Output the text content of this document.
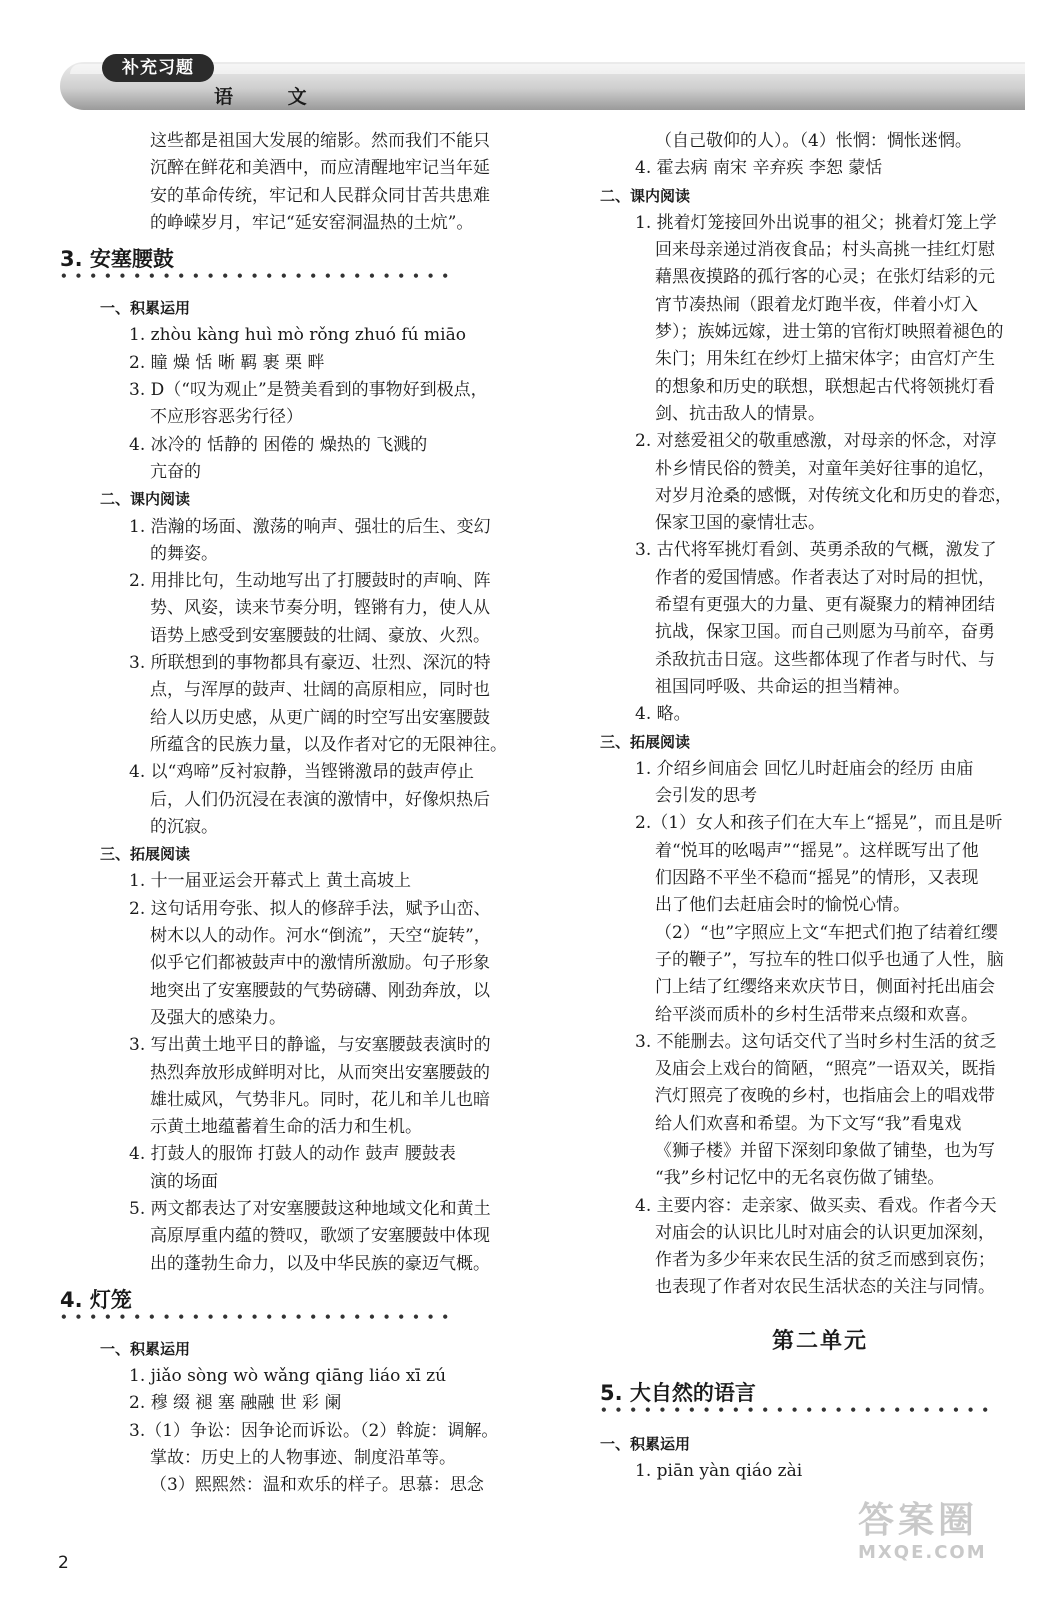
补充习题
语 文

这些都是祖国大发展的缩影。然而我们不能只

沉醉在鲜花和美酒中，而应清醒地牢记当年延

安的革命传统，牢记和人民群众同甘苦共患难

的峥嵘岁月，牢记“延安窑洞温热的土炕”。

3. 安塞腰鼓

•••••••••••••••••••••••••••

一、积累运用

1. zhòu kàng huì mò rǒng zhuó fú miāo

2. 瞳 燥 恬 晰 羁 裹 栗 畔

3. D（“叹为观止”是赞美看到的事物好到极点，

不应形容恶劣行径）

4. 冰冷的 恬静的 困倦的 燥热的 飞溅的

亢奋的

二、课内阅读

1. 浩瀚的场面、激荡的响声、强壮的后生、变幻

的舞姿。

2. 用排比句，生动地写出了打腰鼓时的声响、阵

势、风姿，读来节奏分明，铿锵有力，使人从

语势上感受到安塞腰鼓的壮阔、豪放、火烈。

3. 所联想到的事物都具有豪迈、壮烈、深沉的特

点，与浑厚的鼓声、壮阔的高原相应，同时也

给人以历史感，从更广阔的时空写出安塞腰鼓

所蕴含的民族力量，以及作者对它的无限神往。

4. 以“鸡啼”反衬寂静，当铿锵激昂的鼓声停止

后，人们仍沉浸在表演的激情中，好像炽热后

的沉寂。

三、拓展阅读

1. 十一届亚运会开幕式上 黄土高坡上

2. 这句话用夸张、拟人的修辞手法，赋予山峦、

树木以人的动作。河水“倒流”，天空“旋转”，

似乎它们都被鼓声中的激情所激励。句子形象

地突出了安塞腰鼓的气势磅礴、刚劲奔放，以

及强大的感染力。

3. 写出黄土地平日的静谧，与安塞腰鼓表演时的

热烈奔放形成鲜明对比，从而突出安塞腰鼓的

雄壮威风，气势非凡。同时，花儿和羊儿也暗

示黄土地蕴蓄着生命的活力和生机。

4. 打鼓人的服饰 打鼓人的动作 鼓声 腰鼓表

演的场面

5. 两文都表达了对安塞腰鼓这种地域文化和黄土

高原厚重内蕴的赞叹，歌颂了安塞腰鼓中体现

出的蓬勃生命力，以及中华民族的豪迈气概。

4. 灯笼

•••••••••••••••••••••••••••

一、积累运用

1. jiǎo sòng wò wǎng qiāng liáo xī zú

2. 穆 缀 褪 塞 融融 世 彩 阑

3.（1）争讼：因争论而诉讼。（2）斡旋：调解。

掌故：历史上的人物事迹、制度沿革等。

（3）熙熙然：温和欢乐的样子。思慕：思念

（自己敬仰的人）。（4）怅惘：惆怅迷惘。

4. 霍去病 南宋 辛弃疾 李恕 蒙恬

二、课内阅读

1. 挑着灯笼接回外出说事的祖父；挑着灯笼上学

回来母亲递过消夜食品；村头高挑一挂红灯慰

藉黑夜摸路的孤行客的心灵；在张灯结彩的元

宵节凑热闹（跟着龙灯跑半夜，伴着小灯入

梦）；族姊远嫁，进士第的官衔灯映照着褪色的

朱门；用朱红在纱灯上描宋体字；由宫灯产生

的想象和历史的联想，联想起古代将领挑灯看

剑、抗击敌人的情景。

2. 对慈爱祖父的敬重感激，对母亲的怀念，对淳

朴乡情民俗的赞美，对童年美好往事的追忆，

对岁月沧桑的感慨，对传统文化和历史的眷恋，

保家卫国的豪情壮志。

3. 古代将军挑灯看剑、英勇杀敌的气概，激发了

作者的爱国情感。作者表达了对时局的担忧，

希望有更强大的力量、更有凝聚力的精神团结

抗战，保家卫国。而自己则愿为马前卒，奋勇

杀敌抗击日寇。这些都体现了作者与时代、与

祖国同呼吸、共命运的担当精神。

4. 略。

三、拓展阅读

1. 介绍乡间庙会 回忆儿时赶庙会的经历 由庙

会引发的思考

2.（1）女人和孩子们在大车上“摇晃”，而且是听

着“悦耳的吆喝声”“摇晃”。这样既写出了他

们因路不平坐不稳而“摇晃”的情形，又表现

出了他们去赶庙会时的愉悦心情。

（2）“也”字照应上文“车把式们抱了结着红缨

子的鞭子”，写拉车的牲口似乎也通了人性，脑

门上结了红缨络来欢庆节日，侧面衬托出庙会

给平淡而质朴的乡村生活带来点缀和欢喜。

3. 不能删去。这句话交代了当时乡村生活的贫乏

及庙会上戏台的简陋，“照亮”一语双关，既指

汽灯照亮了夜晚的乡村，也指庙会上的唱戏带

给人们欢喜和希望。为下文写“我”看鬼戏

《狮子楼》并留下深刻印象做了铺垫，也为写

“我”乡村记忆中的无名哀伤做了铺垫。

4. 主要内容：走亲家、做买卖、看戏。作者今天

对庙会的认识比儿时对庙会的认识更加深刻，

作者为多少年来农民生活的贫乏而感到哀伤；

也表现了作者对农民生活状态的关注与同情。

第二单元

5. 大自然的语言

•••••••••••••••••••••••••••

一、积累运用

1. piān yàn qiáo zài

2
答案圈
MXQE.COM
